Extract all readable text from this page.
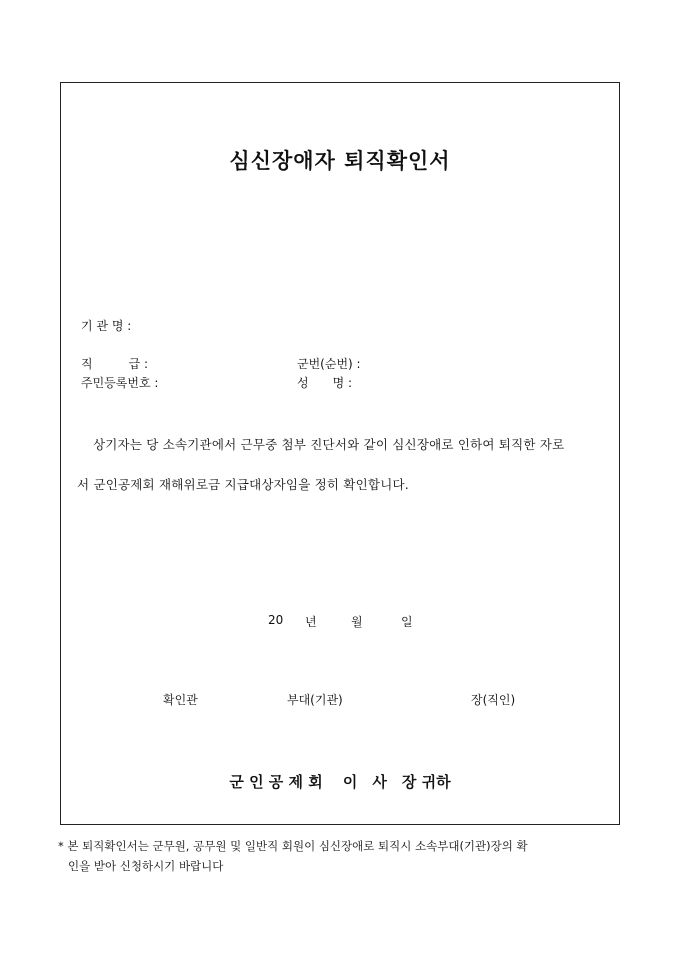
심신장애자 퇴직확인서
기 관 명 :
직　　　급 :	군번(순번) :
주민등록번호 :	성　　명 :
상기자는 당 소속기관에서 근무중 첨부 진단서와 같이 심신장애로 인하여 퇴직한 자로
서 군인공제회 재해위로금 지급대상자임을 정히 확인합니다.
20 년	월	일
확인관	부대(기관)	장(직인)
군 인 공 제 회　 이　사　장 귀하
* 본 퇴직확인서는 군무원, 공무원 및 일반직 회원이 심신장애로 퇴직시 소속부대(기관)장의 확
인을 받아 신청하시기 바랍니다
